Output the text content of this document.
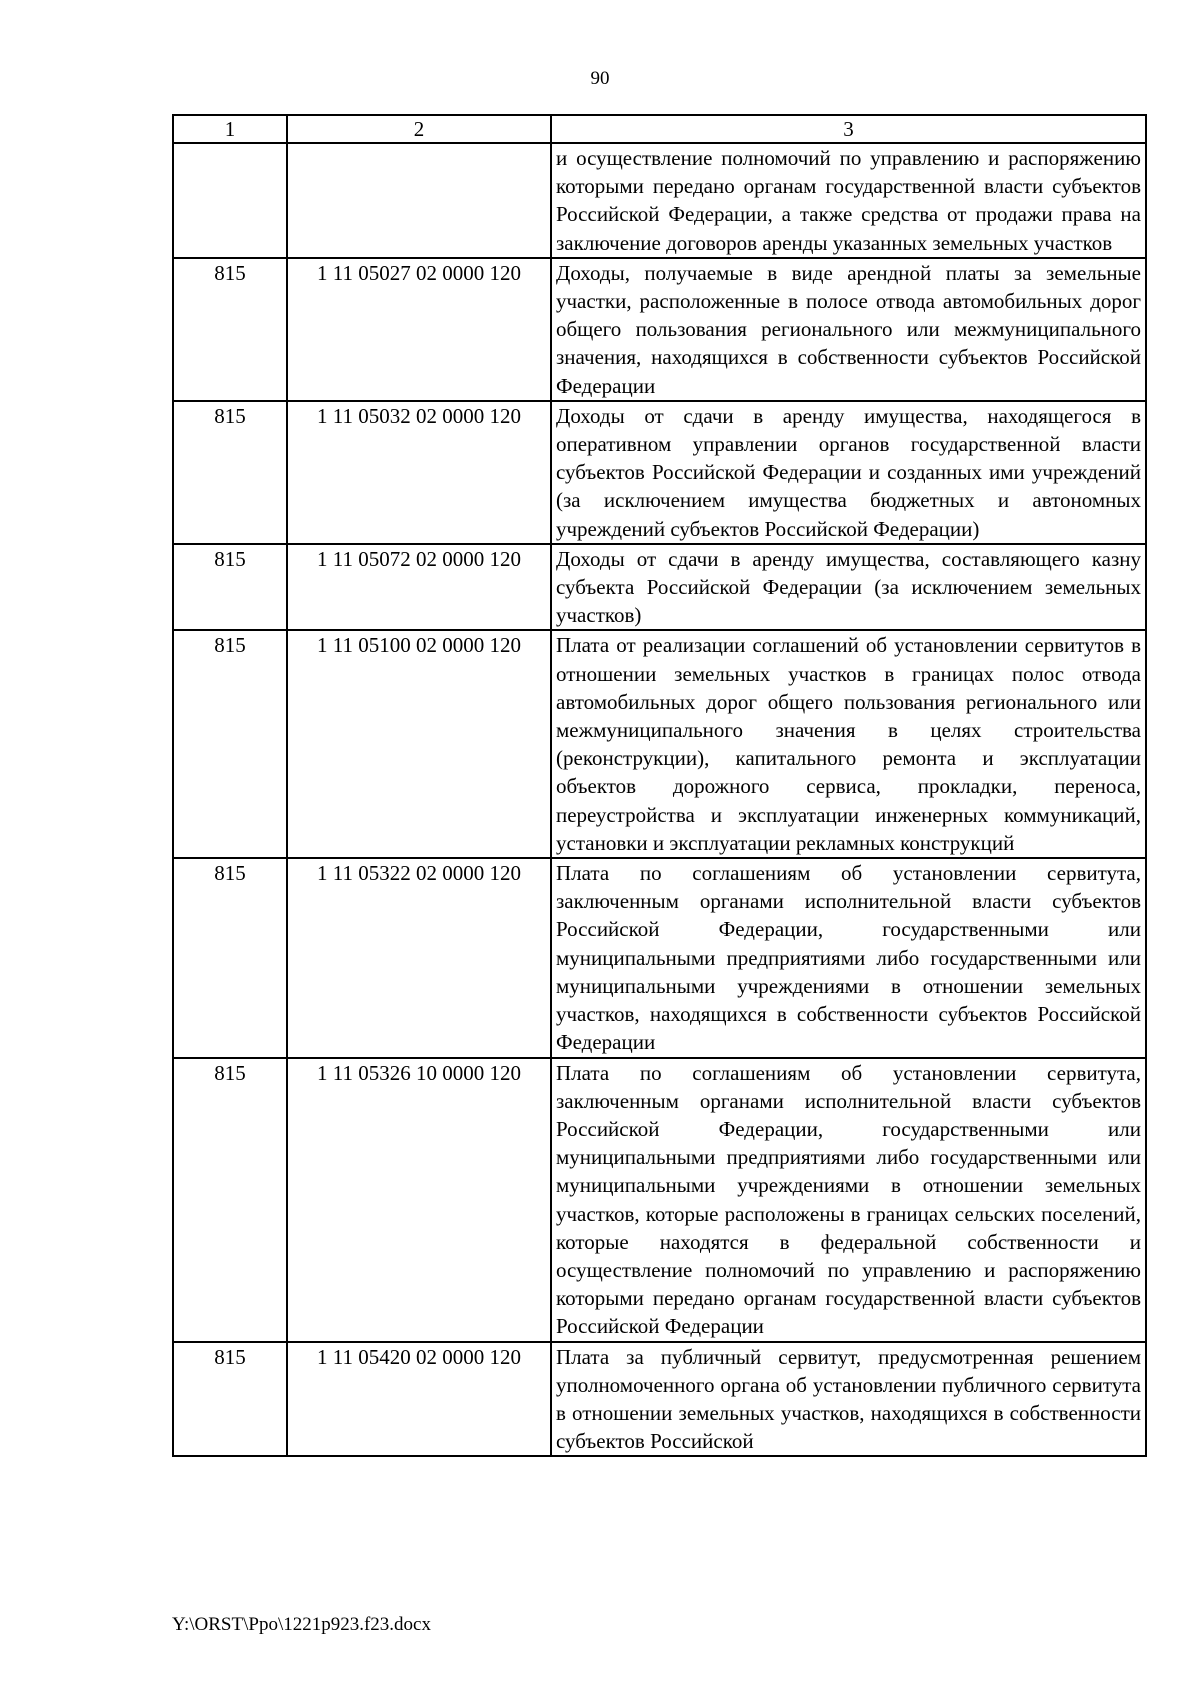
90
1	2	3
		и осуществление полномочий по управлению и распоряжению которыми передано органам государственной власти субъектов Российской Федерации, а также средства от продажи права на заключение договоров аренды указанных земельных участков
815	1 11 05027 02 0000 120	Доходы, получаемые в виде арендной платы за земельные участки, расположенные в полосе отвода автомобильных дорог общего пользования регионального или межмуниципального значения, находящихся в собственности субъектов Российской Федерации
815	1 11 05032 02 0000 120	Доходы от сдачи в аренду имущества, находящегося в оперативном управлении органов государственной власти субъектов Российской Федерации и созданных ими учреждений (за исключением имущества бюджетных и автономных учреждений субъектов Российской Федерации)
815	1 11 05072 02 0000 120	Доходы от сдачи в аренду имущества, составляющего казну субъекта Российской Федерации (за исключением земельных участков)
815	1 11 05100 02 0000 120	Плата от реализации соглашений об установлении сервитутов в отношении земельных участков в границах полос отвода автомобильных дорог общего пользования регионального или межмуниципального значения в целях строительства (реконструкции), капитального ремонта и эксплуатации объектов дорожного сервиса, прокладки, переноса, переустройства и эксплуатации инженерных коммуникаций, установки и эксплуатации рекламных конструкций
815	1 11 05322 02 0000 120	Плата по соглашениям об установлении сервитута, заключенным органами исполнительной власти субъектов Российской Федерации, государственными или муниципальными предприятиями либо государственными или муниципальными учреждениями в отношении земельных участков, находящихся в собственности субъектов Российской Федерации
815	1 11 05326 10 0000 120	Плата по соглашениям об установлении сервитута, заключенным органами исполнительной власти субъектов Российской Федерации, государственными или муниципальными предприятиями либо государственными или муниципальными учреждениями в отношении земельных участков, которые расположены в границах сельских поселений, которые находятся в федеральной собственности и осуществление полномочий по управлению и распоряжению которыми передано органам государственной власти субъектов Российской Федерации
815	1 11 05420 02 0000 120	Плата за публичный сервитут, предусмотренная решением уполномоченного органа об установлении публичного сервитута в отношении земельных участков, находящихся в собственности субъектов Российской
Y:\ORST\Ppo\1221p923.f23.docx
